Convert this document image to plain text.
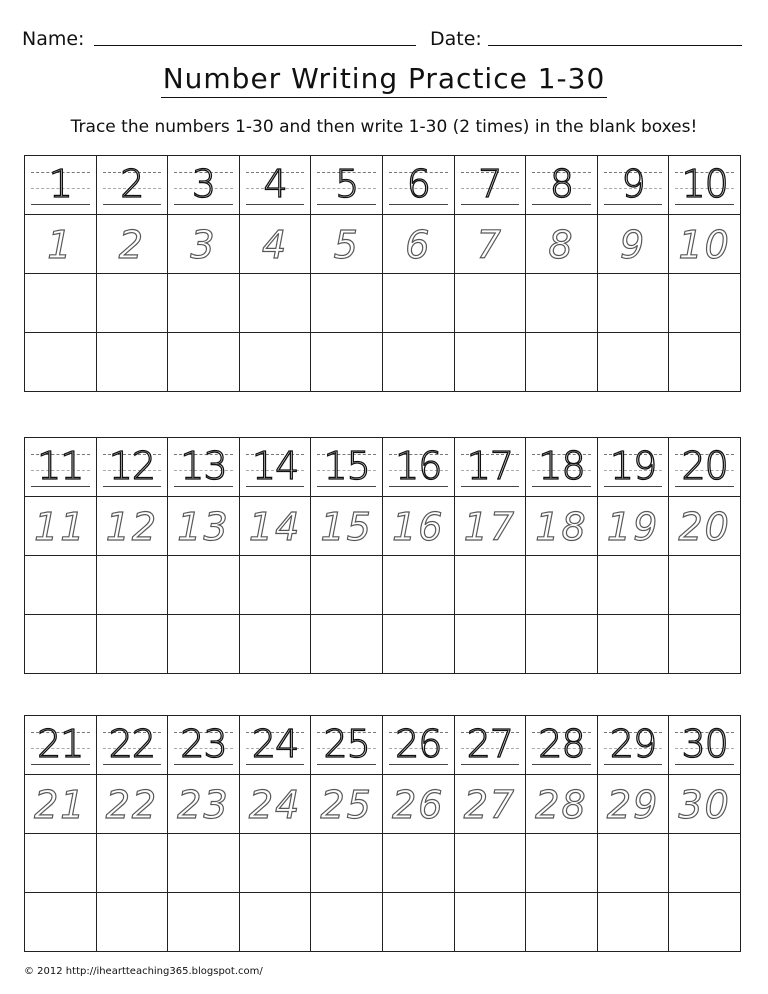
Name:	Date:
Number Writing Practice 1-30
Trace the numbers 1-30 and then write 1-30 (2 times) in the blank boxes!
1	2	3	4	5	6	7	8	9 10
1	2	3	4	5	6	7	8	9 10
11 12 13 14 15 16 17 18 19 20
11 12 13 14 15 16 17 18 19 20
21 22 23 24 25 26 27 28 29 30
21 22 23 24 25 26 27 28 29 30
© 2012 http://iheartteaching365.blogspot.com/
